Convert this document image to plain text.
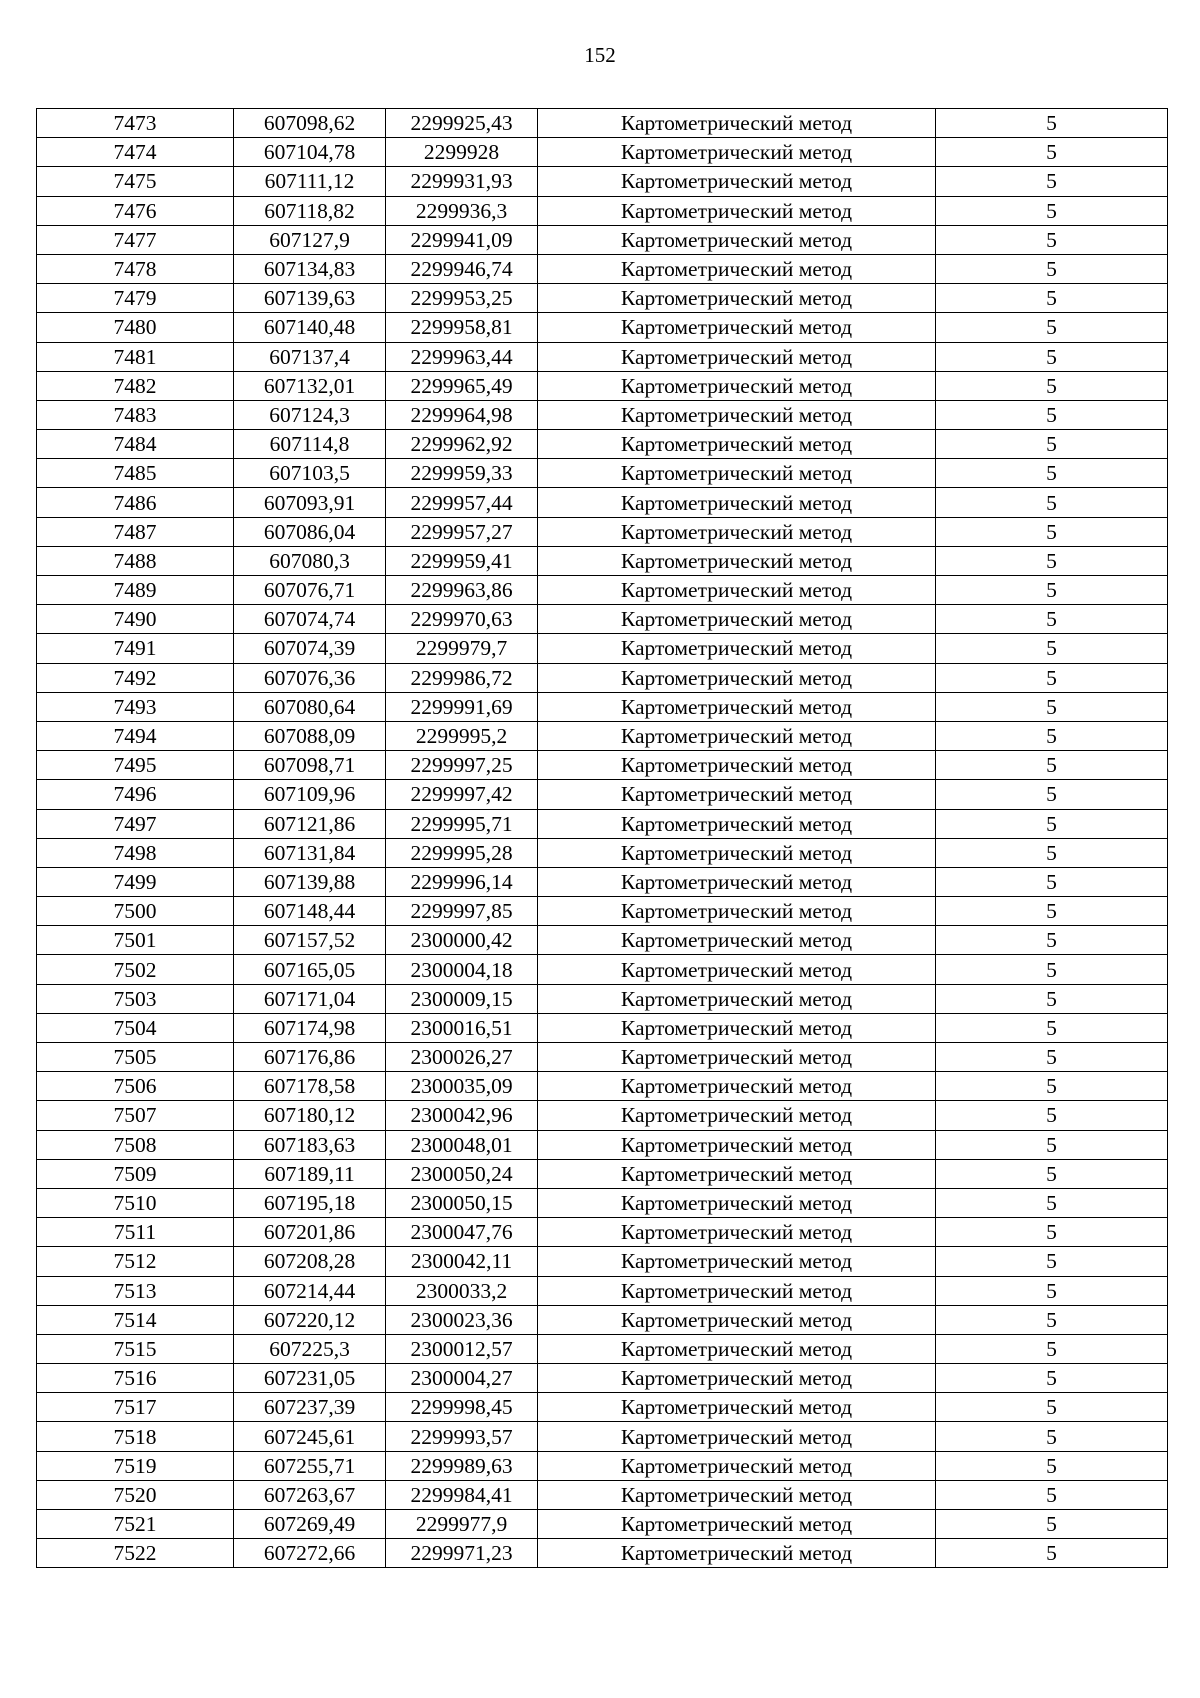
152
7473	607098,62	2299925,43	Картометрический метод	5
7474	607104,78	2299928	Картометрический метод	5
7475	607111,12	2299931,93	Картометрический метод	5
7476	607118,82	2299936,3	Картометрический метод	5
7477	607127,9	2299941,09	Картометрический метод	5
7478	607134,83	2299946,74	Картометрический метод	5
7479	607139,63	2299953,25	Картометрический метод	5
7480	607140,48	2299958,81	Картометрический метод	5
7481	607137,4	2299963,44	Картометрический метод	5
7482	607132,01	2299965,49	Картометрический метод	5
7483	607124,3	2299964,98	Картометрический метод	5
7484	607114,8	2299962,92	Картометрический метод	5
7485	607103,5	2299959,33	Картометрический метод	5
7486	607093,91	2299957,44	Картометрический метод	5
7487	607086,04	2299957,27	Картометрический метод	5
7488	607080,3	2299959,41	Картометрический метод	5
7489	607076,71	2299963,86	Картометрический метод	5
7490	607074,74	2299970,63	Картометрический метод	5
7491	607074,39	2299979,7	Картометрический метод	5
7492	607076,36	2299986,72	Картометрический метод	5
7493	607080,64	2299991,69	Картометрический метод	5
7494	607088,09	2299995,2	Картометрический метод	5
7495	607098,71	2299997,25	Картометрический метод	5
7496	607109,96	2299997,42	Картометрический метод	5
7497	607121,86	2299995,71	Картометрический метод	5
7498	607131,84	2299995,28	Картометрический метод	5
7499	607139,88	2299996,14	Картометрический метод	5
7500	607148,44	2299997,85	Картометрический метод	5
7501	607157,52	2300000,42	Картометрический метод	5
7502	607165,05	2300004,18	Картометрический метод	5
7503	607171,04	2300009,15	Картометрический метод	5
7504	607174,98	2300016,51	Картометрический метод	5
7505	607176,86	2300026,27	Картометрический метод	5
7506	607178,58	2300035,09	Картометрический метод	5
7507	607180,12	2300042,96	Картометрический метод	5
7508	607183,63	2300048,01	Картометрический метод	5
7509	607189,11	2300050,24	Картометрический метод	5
7510	607195,18	2300050,15	Картометрический метод	5
7511	607201,86	2300047,76	Картометрический метод	5
7512	607208,28	2300042,11	Картометрический метод	5
7513	607214,44	2300033,2	Картометрический метод	5
7514	607220,12	2300023,36	Картометрический метод	5
7515	607225,3	2300012,57	Картометрический метод	5
7516	607231,05	2300004,27	Картометрический метод	5
7517	607237,39	2299998,45	Картометрический метод	5
7518	607245,61	2299993,57	Картометрический метод	5
7519	607255,71	2299989,63	Картометрический метод	5
7520	607263,67	2299984,41	Картометрический метод	5
7521	607269,49	2299977,9	Картометрический метод	5
7522	607272,66	2299971,23	Картометрический метод	5
